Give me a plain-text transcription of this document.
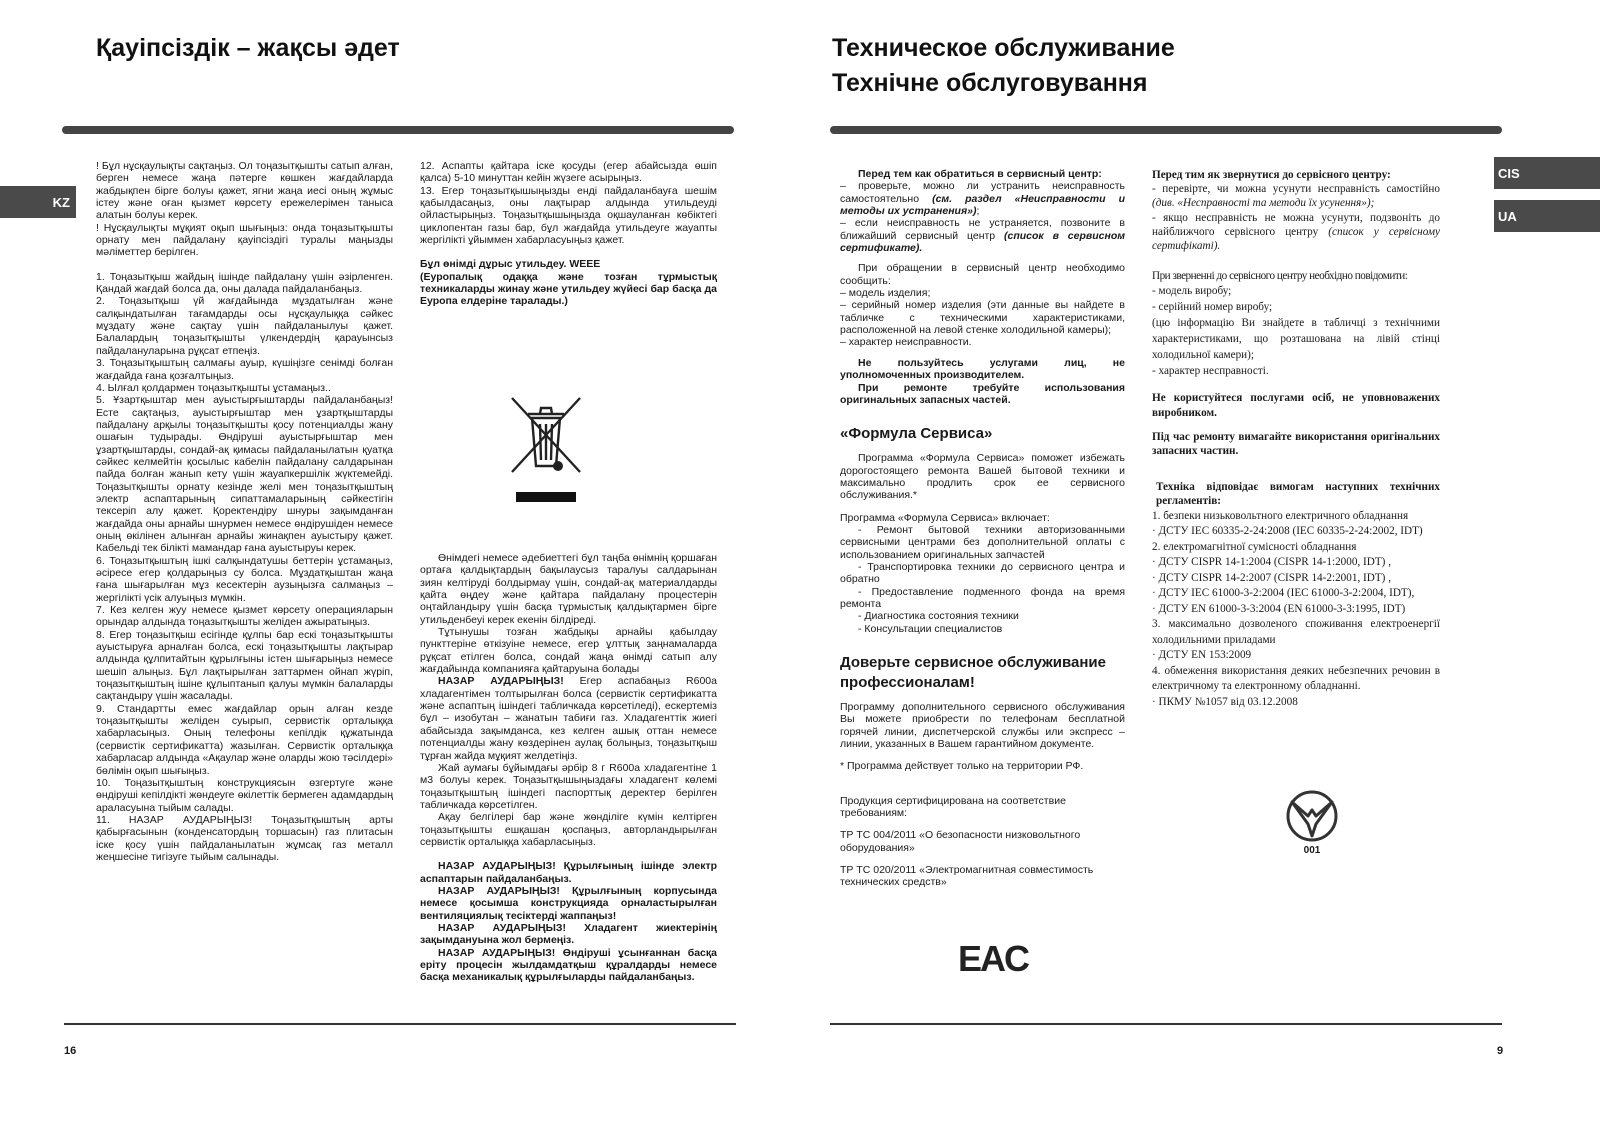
Қауіпсіздік – жақсы әдет
KZ

! Бұл нұсқаулықты сақтаңыз. Ол тоңазытқышты сатып алған, берген немесе жаңа пәтерге көшкен жағдайларда жабдықпен бірге болуы қажет, ягни жаңа иесі оның жұмыс істеу және оған қызмет көрсету ережелерімен таныса алатын болуы керек.

! Нұсқаулықты мұқият оқып шығыңыз: онда тоңазытқышты орнату мен пайдалану қауіпсіздігі туралы маңызды мәліметтер берілген.

1. Тоңазытқыш жайдың ішінде пайдалану үшін әзірленген. Қандай жағдай болса да, оны далада пайдаланбаңыз.

2. Тоңазытқыш үй жағдайында мұздатылған және салқындатылған тағамдарды осы нұсқаулыққа сәйкес мұздату және сақтау үшін пайдаланылуы қажет. Балалардың тоңазытқышты үлкендердің қарауынсыз пайдалануларына рұқсат етпеңіз.

3. Тоңазытқыштың салмағы ауыр, күшіңізге сенімді болған жағдайда ғана қозғалтыңыз.

4. Ылғал қолдармен тоңазытқышты ұстамаңыз..

5. Ұзартқыштар мен ауыстырғыштарды пайдаланбаңыз! Есте сақтаңыз, ауыстырғыштар мен ұзартқыштарды пайдалану арқылы тоңазытқышты қосу потенциалды жану ошағын тудырады. Өндіруші ауыстырғыштар мен ұзартқыштарды, сондай-ақ қимасы пайдаланылатын қуатқа сәйкес келмейтін қосылыс кабелін пайдалану салдарынан пайда болған жанып кету үшін жауапкершілік жүктемейді. Тоңазытқышты орнату кезінде желі мен тоңазытқыштың электр аспаптарының сипаттамаларының сәйкестігін тексеріп алу қажет. Қоректендіру шнуры зақымданған жағдайда оны арнайы шнурмен немесе өндірушіден немесе оның өкілінен алынған арнайы жинақпен ауыстыру қажет. Кабельді тек білікті мамандар ғана ауыстыруы керек.

6. Тоңазытқыштың ішкі салқындатушы беттерін ұстамаңыз, әсіресе егер қолдарыңыз су болса. Мұздатқыштан жаңа ғана шығарылған мұз кесектерін аузыңызға салмаңыз – жергілікті үсік алуыңыз мүмкін.

7. Кез келген жуу немесе қызмет көрсету операцияларын орындар алдында тоңазытқышты желіден ажыратыңыз.

8. Егер тоңазытқыш есігінде құлпы бар ескі тоңазытқышты ауыстыруға арналған болса, ескі тоңазытқышты лақтырар алдында құлпитайтын құрылғыны істен шығарыңыз немесе шешіп алыңыз. Бұл лақтырылған заттармен ойнап жүріп, тоңазытқыштың ішіне құлыптанып қалуы мүмкін балаларды сақтандыру үшін жасалады.

9. Стандартты емес жағдайлар орын алған кезде тоңазытқышты желіден суырып, сервистік орталыққа хабарласыңыз. Оның телефоны кепілдік құжатында (сервистік сертификатта) жазылған. Сервистік орталыққа хабарласар алдында «Ақаулар және оларды жою тәсілдері» бөлімін оқып шығыңыз.

10. Тоңазытқыштың конструкциясын өзгертуге және өндіруші кепілдікті жөндеуге өкілеттік бермеген адамдардың араласуына тыйым салады.

11. НАЗАР АУДАРЫҢЫЗ! Тоңазытқыштың арты қабырғасынын (конденсатордың торшасын) газ плитасын іске қосу үшін пайдаланылатын жұмсақ газ металл жеңшесіне тигізуге тыйым салынады.

12. Аспапты қайтара іске қосуды (егер абайсызда өшіп қалса) 5-10 минуттан кейін жүзеге асырыңыз.

13. Егер тоңазытқышыңызды енді пайдаланбауға шешім қабылдасаңыз, оны лақтырар алдында утильдеуді ойластырыңыз. Тоңазытқышыңызда оқшауланған көбіктегі циклопентан газы бар, бұл жағдайда утильдеуге жауапты жергілікті ұйыммен хабарласуыңыз қажет.

Бұл өнімді дұрыс утильдеу. WEEE

(Еуропалық одаққа және тозған тұрмыстық техникаларды жинау және утильдеу жүйесі бар басқа да Еуропа елдеріне таралады.)

Өнімдегі немесе әдебиеттегі бұл таңба өнімнің қоршаған ортаға қалдықтардың бақылаусыз таралуы салдарынан зиян келтіруді болдырмау үшін, сондай-ақ материалдарды қайта өңдеу және қайтара пайдалану процестерін оңтайландыру үшін басқа тұрмыстық қалдықтармен бірге утильденбеуі керек екенін білдіреді.

Тұтынушы тозған жабдықы арнайы қабылдау пункттеріне өткізуіне немесе, егер ұлттық заңнамаларда рұқсат етілген болса, сондай жаңа өнімді сатып алу жағдайында компанияға қайтаруына болады

НАЗАР АУДАРЫҢЫЗ! Егер аспабаңыз R600a хладагентімен толтырылған болса (сервистік сертификатта және аспаптың ішіндегі табличкада көрсетіледі), ескертеміз бұл – изобутан – жанатын табиғи газ. Хладагенттік жиегі абайсызда зақымданса, кез келген ашық оттан немесе потенциалды жану көздерінен аулақ болыңыз, тоңазытқыш тұрған жайда мұқият желдетіңіз.

Жай аумағы бұйымдағы әрбір 8 г R600a хладагентіне 1 м3 болуы керек. Тоңазытқышыңыздағы хладагент көлемі тоңазытқыштың ішіндегі паспорттық деректер берілген табличкада көрсетілген.

Ақау белгілері бар және жөнділіге күмін келтірген тоңазытқышты ешқашан қоспаңыз, авторландырылған сервистік орталыққа хабарласыңыз.

НАЗАР АУДАРЫҢЫЗ! Құрылғының ішінде электр аспаптарын пайдаланбаңыз.

НАЗАР АУДАРЫҢЫЗ! Құрылғының корпусында немесе қосымша конструкцияда орналастырылған вентиляциялық тесіктерді жаппаңыз!

НАЗАР АУДАРЫҢЫЗ! Хладагент жиектерінің зақымдануына жол бермеңіз.

НАЗАР АУДАРЫҢЫЗ! Өндіруші ұсынғаннан басқа еріту процесін жылдамдатқыш құралдарды немесе басқа механикалық құрылғыларды пайдаланбаңыз.

16
Техническое обслуживание
Технічне обслуговування
CIS
UA

Перед тем как обратиться в сервисный центр:

– проверьте, можно ли устранить неисправность самостоятельно (см. раздел «Неисправности и методы их устранения»);

– если неисправность не устраняется, позвоните в ближайший сервисный центр (список в сервисном сертификате).

При обращении в сервисный центр необходимо сообщить:

– модель изделия;

– серийный номер изделия (эти данные вы найдете в табличке с техническими характеристиками, расположенной на левой стенке холодильной камеры);

– характер неисправности.

Не пользуйтесь услугами лиц, не уполномоченных производителем.

При ремонте требуйте использования оригинальных запасных частей.

«Формула Сервиса»

Программа «Формула Сервиса» поможет избежать дорогостоящего ремонта Вашей бытовой техники и максимально продлить срок ее сервисного обслуживания.*

Программа «Формула Сервиса» включает:

- Ремонт бытовой техники авторизованными сервисными центрами без дополнительной оплаты с использованием оригинальных запчастей

- Транспортировка техники до сервисного центра и обратно

- Предоставление подменного фонда на время ремонта

- Диагностика состояния техники

- Консультации специалистов

Доверьте сервисное обслуживание профессионалам!

Программу дополнительного сервисного обслуживания Вы можете приобрести по телефонам бесплатной горячей линии, диспетчерской службы или экспресс – линии, указанных в Вашем гарантийном документе.

* Программа действует только на территории РФ.

Продукция сертифицирована на соответствие требованиям:

ТР ТС 004/2011 «О безопасности низковольтного оборудования»

ТР ТС 020/2011 «Электромагнитная совместимость технических средств»

EAC

Перед тим як звернутися до сервісного центру:

- перевірте, чи можна усунути несправність самостійно (див. «Несправності та методи їх усунення»);

- якщо несправність не можна усунути, подзвоніть до найближчого сервісного центру (список у сервісному сертифікаті).

При зверненні до сервісного центру необхідно повідомити:

- модель виробу;

- серійний номер виробу;

(цю інформацію Ви знайдете в табличці з технічними характеристиками, що розташована на лівій стінці холодильної камери);

- характер несправності.

Не користуйтеся послугами осіб, не уповноважених виробником.

Під час ремонту вимагайте використання оригінальних запасних частин.

Техніка відповідає вимогам наступних технічних регламентів:

1. безпеки низьковольтного електричного обладнання

· ДСТУ IEC 60335-2-24:2008 (IEC 60335-2-24:2002, IDT)

2. електромагнітної сумісності обладнання

· ДСТУ CISPR 14-1:2004 (CISPR 14-1:2000, IDT) ,

· ДСТУ CISPR 14-2:2007 (CISPR 14-2:2001, IDT) ,

· ДСТУ IEC 61000-3-2:2004 (IEC 61000-3-2:2004, IDT),

· ДСТУ EN 61000-3-3:2004 (EN 61000-3-3:1995, IDT)

3. максимально дозволеного споживання електроенергії холодильними приладами

· ДСТУ EN 153:2009

4. обмеження використання деяких небезпечних речовин в електричному та електронному обладнанні.

· ПКМУ №1057 від 03.12.2008

001
9
